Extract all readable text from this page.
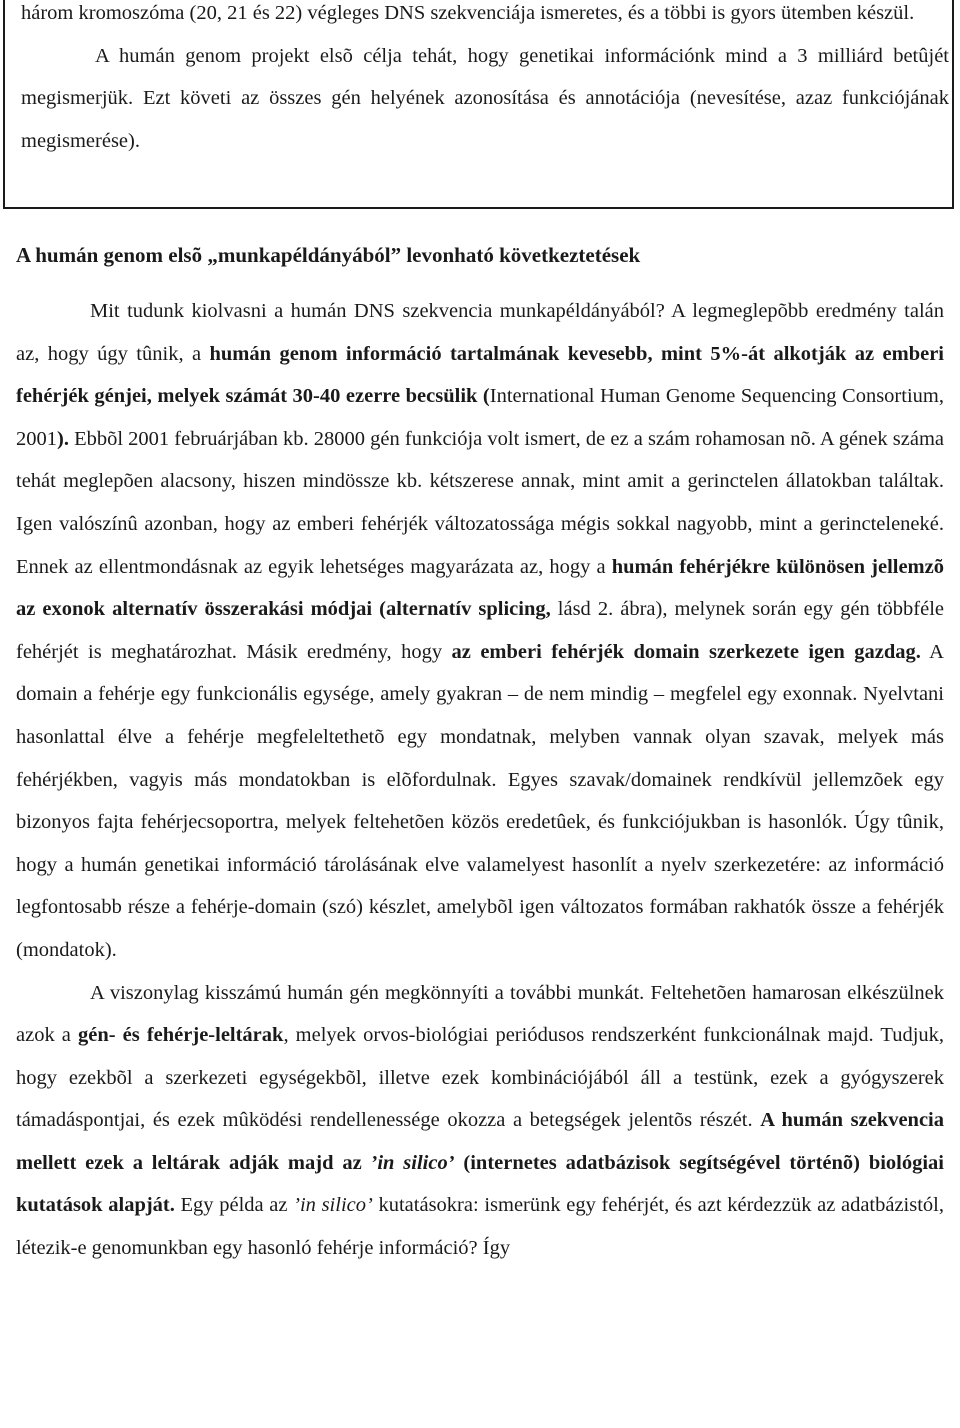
három kromoszóma (20, 21 és 22) végleges DNS szekvenciája ismeretes, és a többi is gyors ütemben készül.

A humán genom projekt elsõ célja tehát, hogy genetikai információnk mind a 3 milliárd betûjét megismerjük. Ezt követi az összes gén helyének azonosítása és annotációja (nevesítése, azaz funkciójának megismerése).

A humán genom elsõ „munkapéldányából” levonható következtetések

Mit tudunk kiolvasni a humán DNS szekvencia munkapéldányából? A legmeglepõbb eredmény talán az, hogy úgy tûnik, a humán genom információ tartalmának kevesebb, mint 5%-át alkotják az emberi fehérjék génjei, melyek számát 30-40 ezerre becsülik (International Human Genome Sequencing Consortium, 2001). Ebbõl 2001 februárjában kb. 28000 gén funkciója volt ismert, de ez a szám rohamosan nõ. A gének száma tehát meglepõen alacsony, hiszen mindössze kb. kétszerese annak, mint amit a gerinctelen állatokban találtak. Igen valószínû azonban, hogy az emberi fehérjék változatossága mégis sokkal nagyobb, mint a gerincteleneké. Ennek az ellentmondásnak az egyik lehetséges magyarázata az, hogy a humán fehérjékre különösen jellemzõ az exonok alternatív összerakási módjai (alternatív splicing, lásd 2. ábra), melynek során egy gén többféle fehérjét is meghatározhat. Másik eredmény, hogy az emberi fehérjék domain szerkezete igen gazdag. A domain a fehérje egy funkcionális egysége, amely gyakran – de nem mindig – megfelel egy exonnak. Nyelvtani hasonlattal élve a fehérje megfeleltethetõ egy mondatnak, melyben vannak olyan szavak, melyek más fehérjékben, vagyis más mondatokban is elõfordulnak. Egyes szavak/domainek rendkívül jellemzõek egy bizonyos fajta fehérjecsoportra, melyek feltehetõen közös eredetûek, és funkciójukban is hasonlók. Úgy tûnik, hogy a humán genetikai információ tárolásának elve valamelyest hasonlít a nyelv szerkezetére: az információ legfontosabb része a fehérje-domain (szó) készlet, amelybõl igen változatos formában rakhatók össze a fehérjék (mondatok).

A viszonylag kisszámú humán gén megkönnyíti a további munkát. Feltehetõen hamarosan elkészülnek azok a gén- és fehérje-leltárak, melyek orvos-biológiai periódusos rendszerként funkcionálnak majd. Tudjuk, hogy ezekbõl a szerkezeti egységekbõl, illetve ezek kombinációjából áll a testünk, ezek a gyógyszerek támadáspontjai, és ezek mûködési rendellenessége okozza a betegségek jelentõs részét. A humán szekvencia mellett ezek a leltárak adják majd az ’in silico’ (internetes adatbázisok segítségével történõ) biológiai kutatások alapját. Egy példa az ’in silico’ kutatásokra: ismerünk egy fehérjét, és azt kérdezzük az adatbázistól, létezik-e genomunkban egy hasonló fehérje információ? Így
